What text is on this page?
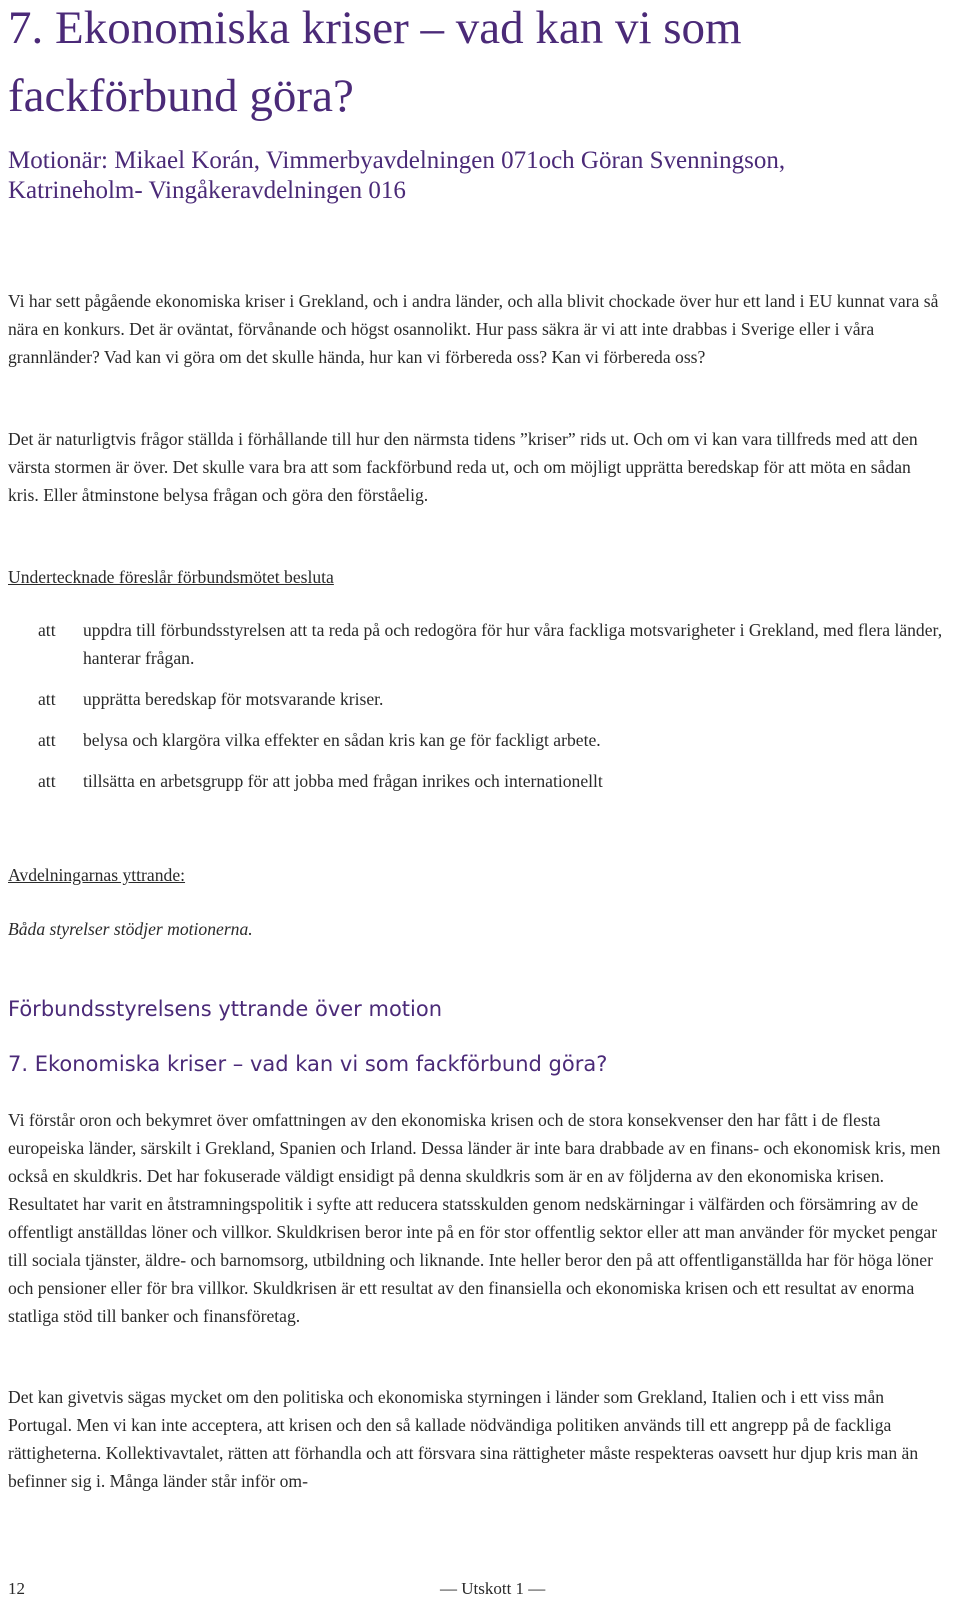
7. Ekonomiska kriser – vad kan vi som
fackförbund göra?
Motionär: Mikael Korán, Vimmerbyavdelningen 071och Göran Svenningson,
Katrineholm- Vingåkeravdelningen 016

Vi har sett pågående ekonomiska kriser i Grekland, och i andra länder, och alla blivit chockade över hur ett land i EU kunnat vara så nära en konkurs. Det är oväntat, förvånande och högst osannolikt. Hur pass säkra är vi att inte drabbas i Sverige eller i våra grannländer? Vad kan vi göra om det skulle hända, hur kan vi förbereda oss? Kan vi förbereda oss?

Det är naturligtvis frågor ställda i förhållande till hur den närmsta tidens ”kriser” rids ut. Och om vi kan vara tillfreds med att den värsta stormen är över. Det skulle vara bra att som fackförbund reda ut, och om möjligt upprätta beredskap för att möta en sådan kris. Eller åtminstone belysa frågan och göra den förståelig.

Undertecknade föreslår förbundsmötet besluta

att uppdra till förbundsstyrelsen att ta reda på och redogöra för hur våra fackliga motsvarigheter i Grekland, med flera länder, hanterar frågan.
att upprätta beredskap för motsvarande kriser.
att belysa och klargöra vilka effekter en sådan kris kan ge för fackligt arbete.
att tillsätta en arbetsgrupp för att jobba med frågan inrikes och internationellt

Avdelningarnas yttrande:

Båda styrelser stödjer motionerna.

Förbundsstyrelsens yttrande över motion
7. Ekonomiska kriser – vad kan vi som fackförbund göra?

Vi förstår oron och bekymret över omfattningen av den ekonomiska krisen och de stora konsekvenser den har fått i de flesta europeiska länder, särskilt i Grekland, Spanien och Irland. Dessa länder är inte bara drabbade av en finans- och ekonomisk kris, men också en skuldkris. Det har fokuserade väldigt ensidigt på denna skuldkris som är en av följderna av den ekonomiska krisen. Resultatet har varit en åtstramningspolitik i syfte att reducera statsskulden genom nedskärningar i välfärden och försämring av de offentligt anställdas löner och villkor. Skuldkrisen beror inte på en för stor offentlig sektor eller att man använder för mycket pengar till sociala tjänster, äldre- och barnomsorg, utbildning och liknande. Inte heller beror den på att offentliganställda har för höga löner och pensioner eller för bra villkor. Skuldkrisen är ett resultat av den finansiella och ekonomiska krisen och ett resultat av enorma statliga stöd till banker och finansföretag.

Det kan givetvis sägas mycket om den politiska och ekonomiska styrningen i länder som Grekland, Italien och i ett viss mån Portugal. Men vi kan inte acceptera, att krisen och den så kallade nödvändiga politiken används till ett angrepp på de fackliga rättigheterna. Kollektivavtalet, rätten att förhandla och att försvara sina rättigheter måste respekteras oavsett hur djup kris man än befinner sig i. Många länder står inför om-

12	— Utskott 1 —
